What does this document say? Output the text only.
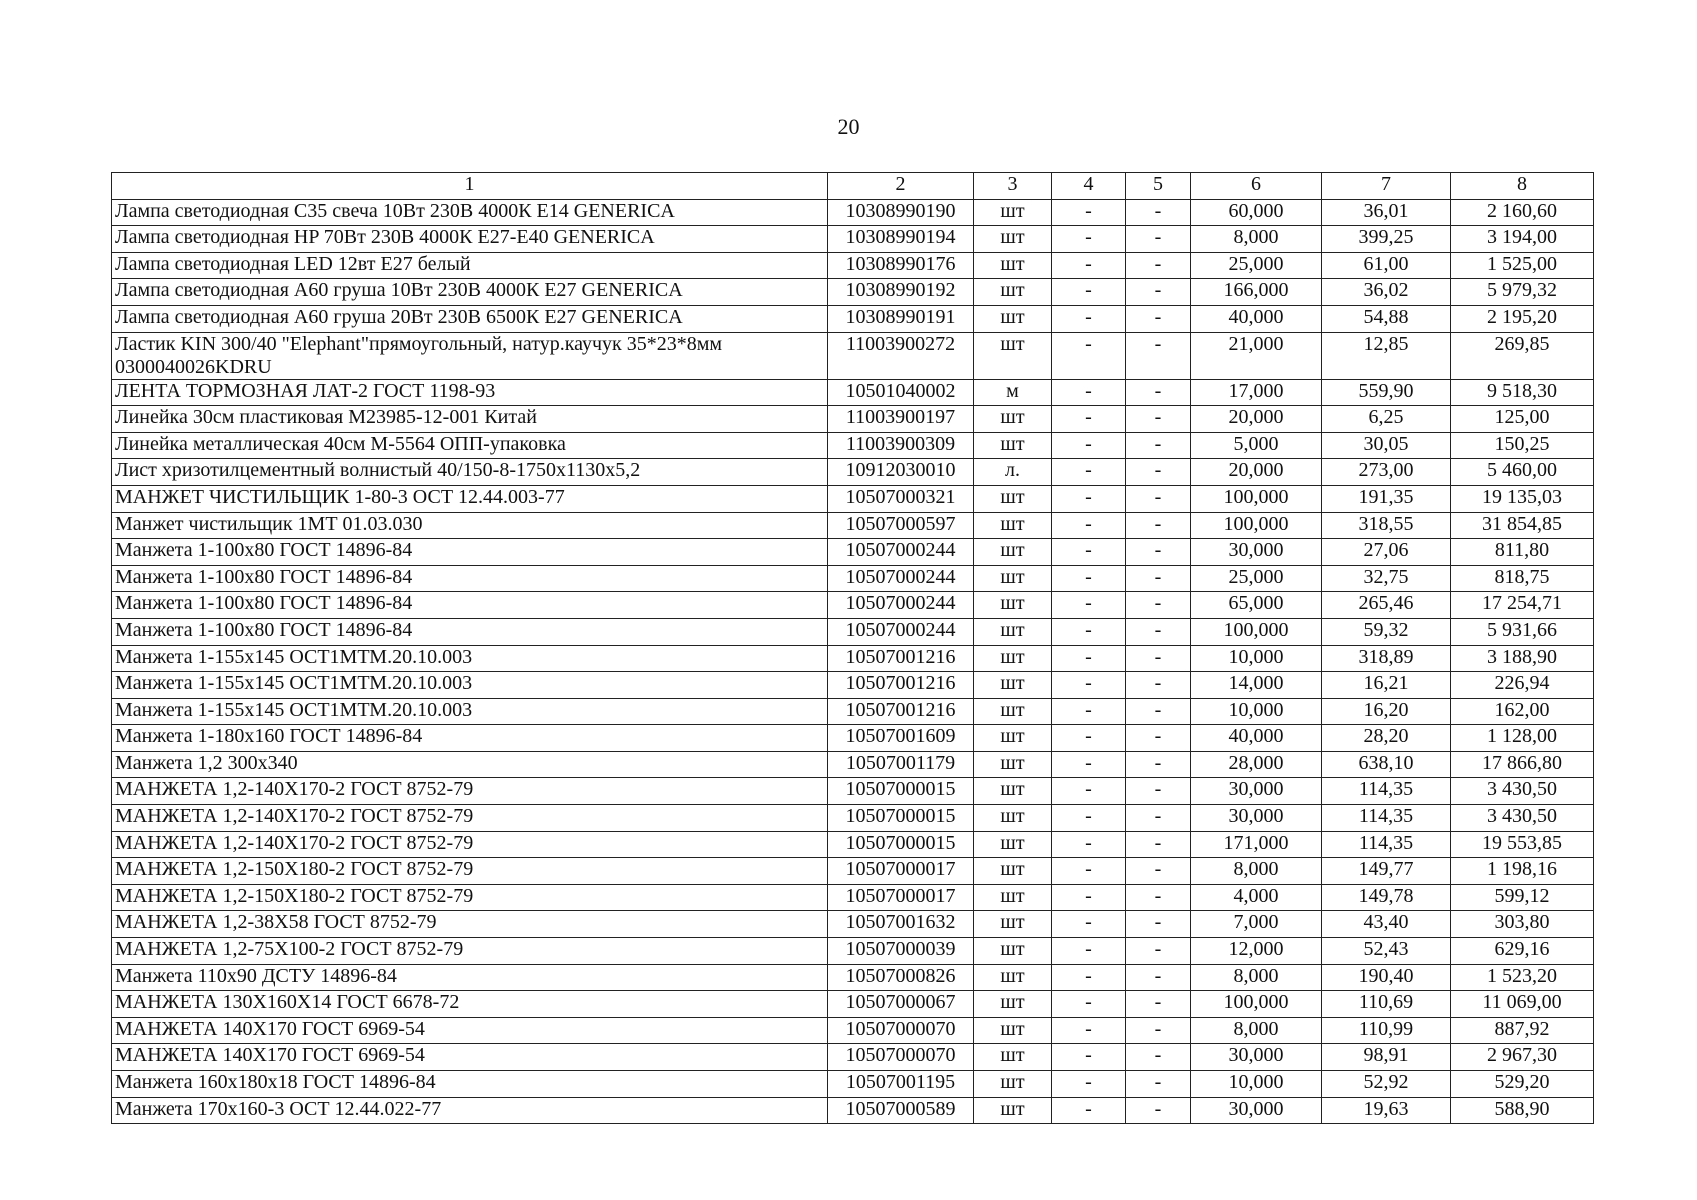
20
1	2	3	4	5	6	7	8
Лампа светодиодная C35 свеча 10Вт 230В 4000К E14 GENERICA	10308990190	шт	-	-	60,000	36,01	2 160,60
Лампа светодиодная HP 70Вт 230В 4000К E27-E40 GENERICA	10308990194	шт	-	-	8,000	399,25	3 194,00
Лампа светодиодная LED 12вт E27 белый	10308990176	шт	-	-	25,000	61,00	1 525,00
Лампа светодиодная A60 груша 10Вт 230В 4000К E27 GENERICA	10308990192	шт	-	-	166,000	36,02	5 979,32
Лампа светодиодная A60 груша 20Вт 230В 6500К E27 GENERICA	10308990191	шт	-	-	40,000	54,88	2 195,20
Ластик KIN 300/40 "Elephant"прямоугольный, натур.каучук 35*23*8мм 0300040026KDRU	11003900272	шт	-	-	21,000	12,85	269,85
ЛЕНТА ТОРМОЗНАЯ ЛАТ-2 ГОСТ 1198-93	10501040002	м	-	-	17,000	559,90	9 518,30
Линейка 30см пластиковая M23985-12-001 Китай	11003900197	шт	-	-	20,000	6,25	125,00
Линейка металлическая 40см М-5564 ОПП-упаковка	11003900309	шт	-	-	5,000	30,05	150,25
Лист хризотилцементный волнистый 40/150-8-1750х1130х5,2	10912030010	л.	-	-	20,000	273,00	5 460,00
МАНЖЕТ ЧИСТИЛЬЩИК 1-80-3 ОСТ 12.44.003-77	10507000321	шт	-	-	100,000	191,35	19 135,03
Манжет чистильщик 1МТ 01.03.030	10507000597	шт	-	-	100,000	318,55	31 854,85
Манжета 1-100х80 ГОСТ 14896-84	10507000244	шт	-	-	30,000	27,06	811,80
Манжета 1-100х80 ГОСТ 14896-84	10507000244	шт	-	-	25,000	32,75	818,75
Манжета 1-100х80 ГОСТ 14896-84	10507000244	шт	-	-	65,000	265,46	17 254,71
Манжета 1-100х80 ГОСТ 14896-84	10507000244	шт	-	-	100,000	59,32	5 931,66
Манжета 1-155х145 ОСТ1МТМ.20.10.003	10507001216	шт	-	-	10,000	318,89	3 188,90
Манжета 1-155х145 ОСТ1МТМ.20.10.003	10507001216	шт	-	-	14,000	16,21	226,94
Манжета 1-155х145 ОСТ1МТМ.20.10.003	10507001216	шт	-	-	10,000	16,20	162,00
Манжета 1-180х160 ГОСТ 14896-84	10507001609	шт	-	-	40,000	28,20	1 128,00
Манжета 1,2 300х340	10507001179	шт	-	-	28,000	638,10	17 866,80
МАНЖЕТА 1,2-140Х170-2 ГОСТ 8752-79	10507000015	шт	-	-	30,000	114,35	3 430,50
МАНЖЕТА 1,2-140Х170-2 ГОСТ 8752-79	10507000015	шт	-	-	30,000	114,35	3 430,50
МАНЖЕТА 1,2-140Х170-2 ГОСТ 8752-79	10507000015	шт	-	-	171,000	114,35	19 553,85
МАНЖЕТА 1,2-150Х180-2 ГОСТ 8752-79	10507000017	шт	-	-	8,000	149,77	1 198,16
МАНЖЕТА 1,2-150Х180-2 ГОСТ 8752-79	10507000017	шт	-	-	4,000	149,78	599,12
МАНЖЕТА 1,2-38Х58 ГОСТ 8752-79	10507001632	шт	-	-	7,000	43,40	303,80
МАНЖЕТА 1,2-75Х100-2 ГОСТ 8752-79	10507000039	шт	-	-	12,000	52,43	629,16
Манжета 110х90 ДСТУ 14896-84	10507000826	шт	-	-	8,000	190,40	1 523,20
МАНЖЕТА 130Х160Х14 ГОСТ 6678-72	10507000067	шт	-	-	100,000	110,69	11 069,00
МАНЖЕТА 140Х170 ГОСТ 6969-54	10507000070	шт	-	-	8,000	110,99	887,92
МАНЖЕТА 140Х170 ГОСТ 6969-54	10507000070	шт	-	-	30,000	98,91	2 967,30
Манжета 160х180х18 ГОСТ 14896-84	10507001195	шт	-	-	10,000	52,92	529,20
Манжета 170х160-3 ОСТ 12.44.022-77	10507000589	шт	-	-	30,000	19,63	588,90
